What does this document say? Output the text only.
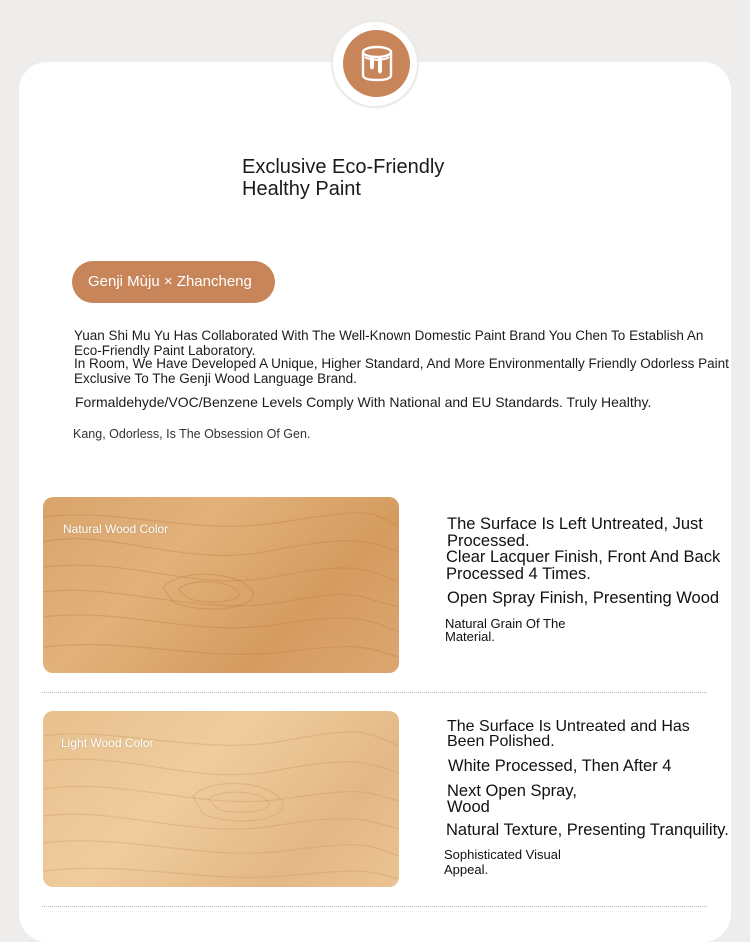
Exclusive Eco-Friendly
Healthy Paint
Genji Mùju × Zhancheng
Yuan Shi Mu Yu Has Collaborated With The Well-Known Domestic Paint Brand You Chen To Establish An
Eco-Friendly Paint Laboratory.
In Room, We Have Developed A Unique, Higher Standard, And More Environmentally Friendly Odorless Paint
Exclusive To The Genji Wood Language Brand.
Formaldehyde/VOC/Benzene Levels Comply With National and EU Standards. Truly Healthy.
Kang, Odorless, Is The Obsession Of Gen.
Natural Wood Color	The Surface Is Left Untreated, Just
Processed.
Clear Lacquer Finish, Front And Back
Processed 4 Times.
Open Spray Finish, Presenting Wood
Natural Grain Of The
Material.
Light Wood Color
The Surface Is Untreated and Has
Been Polished.
White Processed, Then After 4
Next Open Spray,
Wood
Natural Texture, Presenting Tranquility.
Sophisticated Visual
Appeal.
